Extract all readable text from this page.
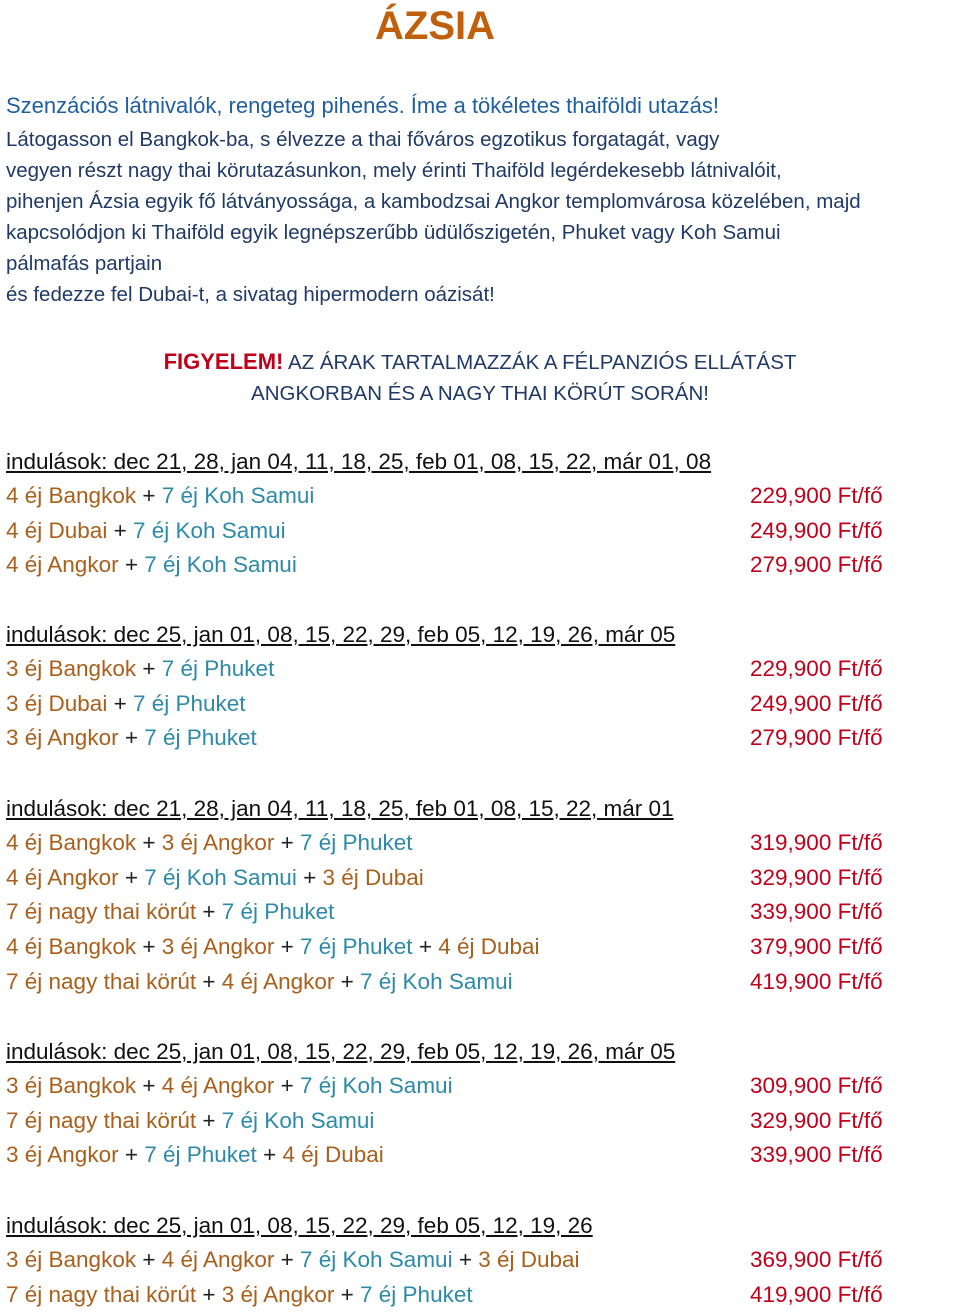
ÁZSIA
Szenzációs látnivalók, rengeteg pihenés. Íme a tökéletes thaiföldi utazás!
Látogasson el Bangkok-ba, s élvezze a thai főváros egzotikus forgatagát, vagy
vegyen részt nagy thai körutazásunkon, mely érinti Thaiföld legérdekesebb látnivalóit,
pihenjen Ázsia egyik fő látványossága, a kambodzsai Angkor templomvárosa közelében, majd
kapcsolódjon ki Thaiföld egyik legnépszerűbb üdülőszigetén, Phuket vagy Koh Samui
pálmafás partjain
és fedezze fel Dubai-t, a sivatag hipermodern oázisát!
FIGYELEM! AZ ÁRAK TARTALMAZZÁK A FÉLPANZIÓS ELLÁTÁST
ANGKORBAN ÉS A NAGY THAI KÖRÚT SORÁN!
indulások: dec 21, 28, jan 04, 11, 18, 25, feb 01, 08, 15, 22, már 01, 08
4 éj Bangkok + 7 éj Koh Samui	229,900 Ft/fő
4 éj Dubai + 7 éj Koh Samui	249,900 Ft/fő
4 éj Angkor + 7 éj Koh Samui	279,900 Ft/fő
indulások: dec 25, jan 01, 08, 15, 22, 29, feb 05, 12, 19, 26, már 05
3 éj Bangkok + 7 éj Phuket	229,900 Ft/fő
3 éj Dubai + 7 éj Phuket	249,900 Ft/fő
3 éj Angkor + 7 éj Phuket	279,900 Ft/fő
indulások: dec 21, 28, jan 04, 11, 18, 25, feb 01, 08, 15, 22, már 01
4 éj Bangkok + 3 éj Angkor + 7 éj Phuket	319,900 Ft/fő
4 éj Angkor + 7 éj Koh Samui + 3 éj Dubai	329,900 Ft/fő
7 éj nagy thai körút + 7 éj Phuket	339,900 Ft/fő
4 éj Bangkok + 3 éj Angkor + 7 éj Phuket + 4 éj Dubai	379,900 Ft/fő
7 éj nagy thai körút + 4 éj Angkor + 7 éj Koh Samui	419,900 Ft/fő
indulások: dec 25, jan 01, 08, 15, 22, 29, feb 05, 12, 19, 26, már 05
3 éj Bangkok + 4 éj Angkor + 7 éj Koh Samui	309,900 Ft/fő
7 éj nagy thai körút + 7 éj Koh Samui	329,900 Ft/fő
3 éj Angkor + 7 éj Phuket + 4 éj Dubai	339,900 Ft/fő
indulások: dec 25, jan 01, 08, 15, 22, 29, feb 05, 12, 19, 26
3 éj Bangkok + 4 éj Angkor + 7 éj Koh Samui + 3 éj Dubai	369,900 Ft/fő
7 éj nagy thai körút + 3 éj Angkor + 7 éj Phuket	419,900 Ft/fő
